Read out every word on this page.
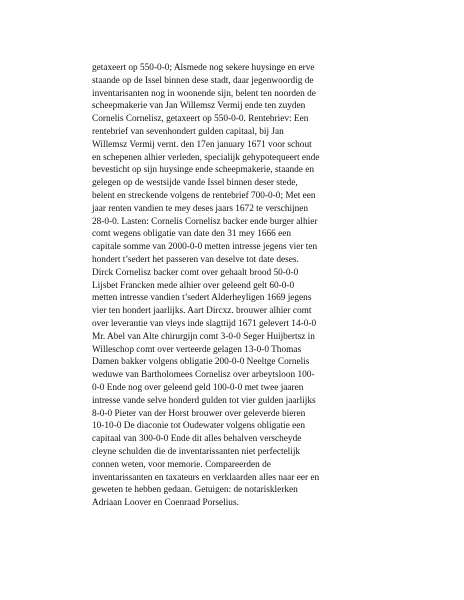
getaxeert op 550-0-0; Alsmede nog sekere huysinge en erve
staande op de Issel binnen dese stadt, daar jegenwoordig de
inventarisanten nog in woonende sijn, belent ten noorden de
scheepmakerie van Jan Willemsz Vermij ende ten zuyden
Cornelis Cornelisz, getaxeert op 550-0-0. Rentebriev: Een
rentebrief van sevenhondert gulden capitaal, bij Jan
Willemsz Vermij vernt. den 17en january 1671 voor schout
en schepenen alhier verleden, specialijk gehypotequeert ende
bevesticht op sijn huysinge ende scheepmakerie, staande en
gelegen op de westsijde vande Issel binnen deser stede,
belent en streckende volgens de rentebrief 700-0-0; Met een
jaar renten vandien te mey deses jaars 1672 te verschijnen
28-0-0. Lasten: Cornelis Cornelisz backer ende burger alhier
comt wegens obligatie van date den 31 mey 1666 een
capitale somme van 2000-0-0 metten intresse jegens vier ten
hondert t’sedert het passeren van deselve tot date deses.
Dirck Cornelisz backer comt over gehaalt brood 50-0-0
Lijsbet Francken mede alhier over geleend gelt 60-0-0
metten intresse vandien t’sedert Alderheyligen 1669 jegens
vier ten hondert jaarlijks. Aart Dircxz. brouwer alhier comt
over leverantie van vleys inde slagttijd 1671 gelevert 14-0-0
Mr. Abel van Alte chirurgijn comt 3-0-0 Seger Huijbertsz in
Willeschop comt over verteerde gelagen 13-0-0 Thomas
Damen bakker volgens obligatie 200-0-0 Neeltge Cornelis
weduwe van Bartholomees Cornelisz over arbeytsloon 100-
0-0 Ende nog over geleend geld 100-0-0 met twee jaaren
intresse vande selve honderd gulden tot vier gulden jaarlijks
8-0-0 Pieter van der Horst brouwer over geleverde bieren
10-10-0 De diaconie tot Oudewater volgens obligatie een
capitaal van 300-0-0 Ende dit alles behalven verscheyde
cleyne schulden die de inventarissanten niet perfectelijk
connen weten, voor memorie. Compareerden de
inventarissanten en taxateurs en verklaarden alles naar eer en
geweten te hebben gedaan. Getuigen: de notarisklerken
Adriaan Loover en Coenraad Porselius.
